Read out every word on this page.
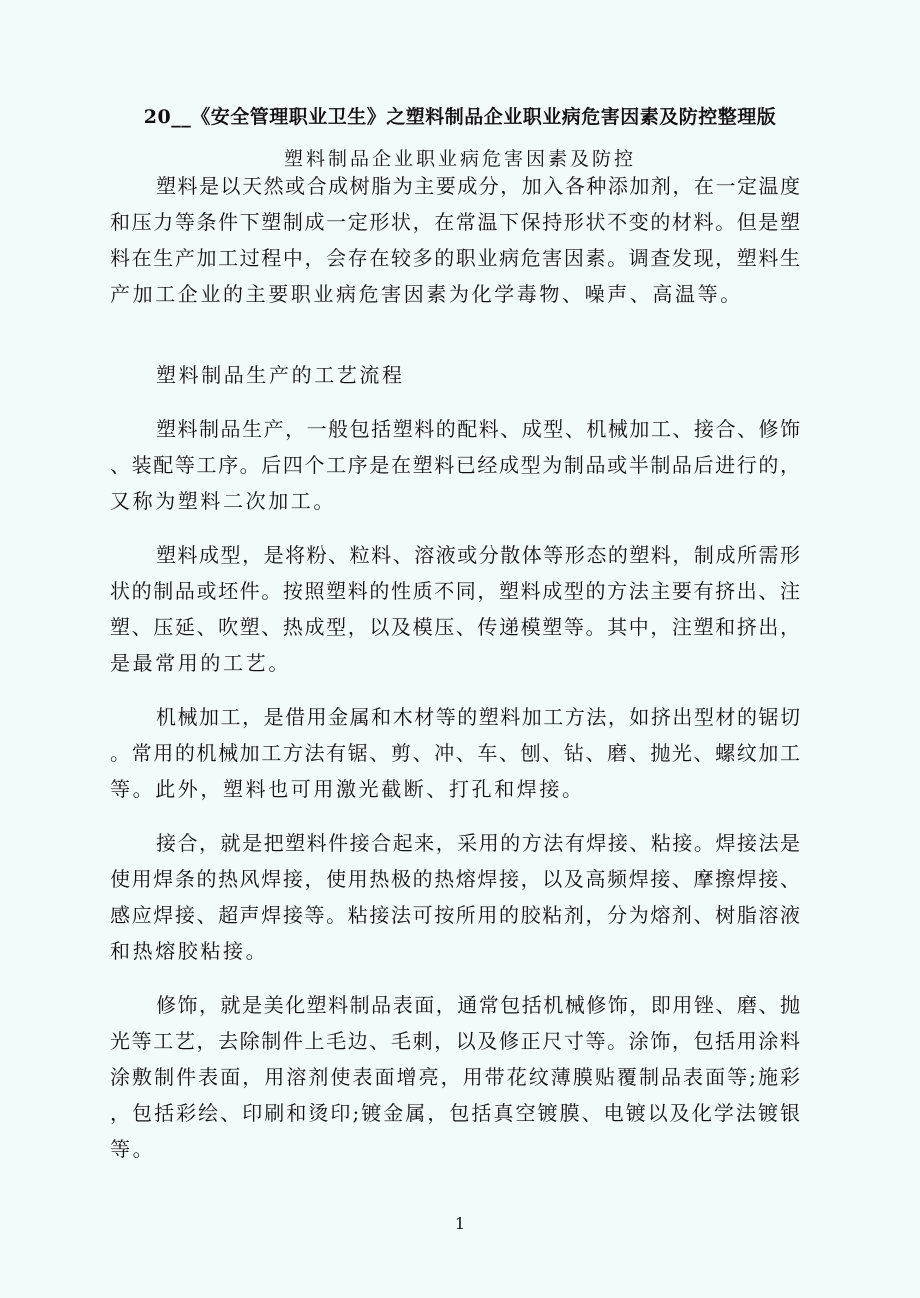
20__《安全管理职业卫生》之塑料制品企业职业病危害因素及防控整理版
塑料制品企业职业病危害因素及防控
塑料是以天然或合成树脂为主要成分，加入各种添加剂，在一定温度
和压力等条件下塑制成一定形状，在常温下保持形状不变的材料。但是塑
料在生产加工过程中，会存在较多的职业病危害因素。调查发现，塑料生
产加工企业的主要职业病危害因素为化学毒物、噪声、高温等。
塑料制品生产的工艺流程
塑料制品生产，一般包括塑料的配料、成型、机械加工、接合、修饰
、装配等工序。后四个工序是在塑料已经成型为制品或半制品后进行的，
又称为塑料二次加工。
塑料成型，是将粉、粒料、溶液或分散体等形态的塑料，制成所需形
状的制品或坯件。按照塑料的性质不同，塑料成型的方法主要有挤出、注
塑、压延、吹塑、热成型，以及模压、传递模塑等。其中，注塑和挤出，
是最常用的工艺。
机械加工，是借用金属和木材等的塑料加工方法，如挤出型材的锯切
。常用的机械加工方法有锯、剪、冲、车、刨、钻、磨、抛光、螺纹加工
等。此外，塑料也可用激光截断、打孔和焊接。
接合，就是把塑料件接合起来，采用的方法有焊接、粘接。焊接法是
使用焊条的热风焊接，使用热极的热熔焊接，以及高频焊接、摩擦焊接、
感应焊接、超声焊接等。粘接法可按所用的胶粘剂，分为熔剂、树脂溶液
和热熔胶粘接。
修饰，就是美化塑料制品表面，通常包括机械修饰，即用锉、磨、抛
光等工艺，去除制件上毛边、毛刺，以及修正尺寸等。涂饰，包括用涂料
涂敷制件表面，用溶剂使表面增亮，用带花纹薄膜贴覆制品表面等;施彩
，包括彩绘、印刷和烫印;镀金属，包括真空镀膜、电镀以及化学法镀银
等。
1
